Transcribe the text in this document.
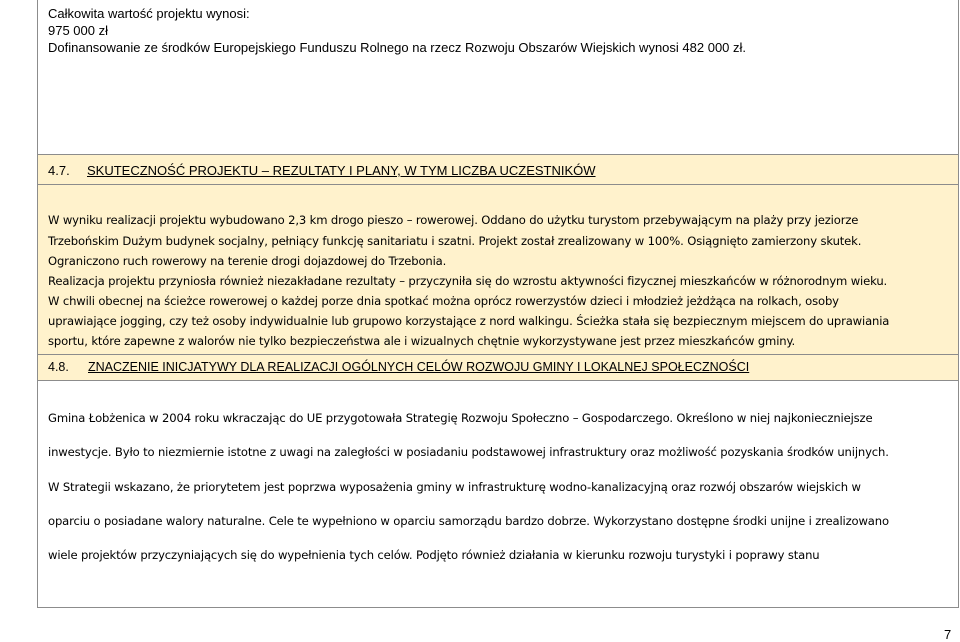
Całkowita wartość projektu wynosi:
975 000 zł
Dofinansowanie ze środków Europejskiego Funduszu Rolnego na rzecz Rozwoju Obszarów Wiejskich wynosi 482 000 zł.
4.7. SKUTECZNOŚĆ PROJEKTU – REZULTATY I PLANY, W TYM LICZBA UCZESTNIKÓW
W wyniku realizacji projektu wybudowano 2,3 km drogo pieszo – rowerowej. Oddano do użytku turystom przebywającym na plaży przy jeziorze
Trzebońskim Dużym budynek socjalny, pełniący funkcję sanitariatu i szatni. Projekt został zrealizowany w 100%. Osiągnięto zamierzony skutek.
Ograniczono ruch rowerowy na terenie drogi dojazdowej do Trzebonia.
Realizacja projektu przyniosła również niezakładane rezultaty – przyczyniła się do wzrostu aktywności fizycznej mieszkańców w różnorodnym wieku.
W chwili obecnej na ścieżce rowerowej o każdej porze dnia spotkać można oprócz rowerzystów dzieci i młodzież jeżdżąca na rolkach, osoby
uprawiające jogging, czy też osoby indywidualnie lub grupowo korzystające z nord walkingu. Ścieżka stała się bezpiecznym miejscem do uprawiania
sportu, które zapewne z walorów nie tylko bezpieczeństwa ale i wizualnych chętnie wykorzystywane jest przez mieszkańców gminy.
4.8. ZNACZENIE INICJATYWY DLA REALIZACJI OGÓLNYCH CELÓW ROZWOJU GMINY I LOKALNEJ SPOŁECZNOŚCI
Gmina Łobżenica w 2004 roku wkraczając do UE przygotowała Strategię Rozwoju Społeczno – Gospodarczego. Określono w niej najkonieczniejsze
inwestycje. Było to niezmiernie istotne z uwagi na zaległości w posiadaniu podstawowej infrastruktury oraz możliwość pozyskania środków unijnych.
W Strategii wskazano, że priorytetem jest poprzwa wyposażenia gminy w infrastrukturę wodno-kanalizacyjną oraz rozwój obszarów wiejskich w
oparciu o posiadane walory naturalne. Cele te wypełniono w oparciu samorządu bardzo dobrze. Wykorzystano dostępne środki unijne i zrealizowano
wiele projektów przyczyniających się do wypełnienia tych celów. Podjęto również działania w kierunku rozwoju turystyki i poprawy stanu
7
